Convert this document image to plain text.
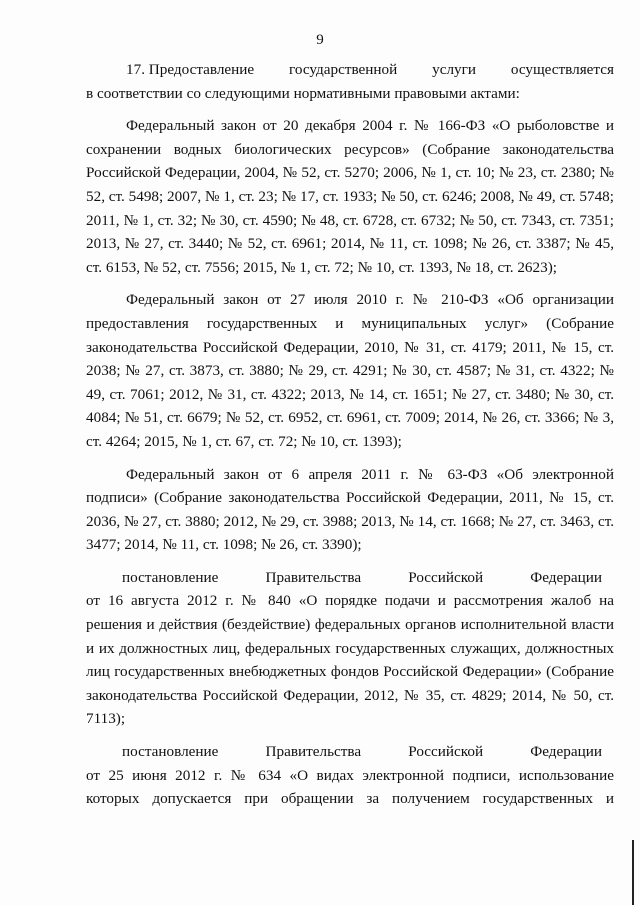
9
17. Предоставление государственной услуги осуществляется

в соответствии со следующими нормативными правовыми актами:

Федеральный закон от 20 декабря 2004 г. № 166-ФЗ «О рыболовстве и сохранении водных биологических ресурсов» (Собрание законодательства Российской Федерации, 2004, № 52, ст. 5270; 2006, № 1, ст. 10; № 23, ст. 2380; № 52, ст. 5498; 2007, № 1, ст. 23; № 17, ст. 1933; № 50, ст. 6246; 2008, № 49, ст. 5748; 2011, № 1, ст. 32; № 30, ст. 4590; № 48, ст. 6728, ст. 6732; № 50, ст. 7343, ст. 7351; 2013, № 27, ст. 3440; № 52, ст. 6961; 2014, № 11, ст. 1098; № 26, ст. 3387; № 45, ст. 6153, № 52, ст. 7556; 2015, № 1, ст. 72; № 10, ст. 1393, № 18, ст. 2623);

Федеральный закон от 27 июля 2010 г. № 210-ФЗ «Об организации предоставления государственных и муниципальных услуг» (Собрание законодательства Российской Федерации, 2010, № 31, ст. 4179; 2011, № 15, ст. 2038; № 27, ст. 3873, ст. 3880; № 29, ст. 4291; № 30, ст. 4587; № 31, ст. 4322; № 49, ст. 7061; 2012, № 31, ст. 4322; 2013, № 14, ст. 1651; № 27, ст. 3480; № 30, ст. 4084; № 51, ст. 6679; № 52, ст. 6952, ст. 6961, ст. 7009; 2014, № 26, ст. 3366; № 3, ст. 4264; 2015, № 1, ст. 67, ст. 72; № 10, ст. 1393);

Федеральный закон от 6 апреля 2011 г. № 63-ФЗ «Об электронной подписи» (Собрание законодательства Российской Федерации, 2011, № 15, ст. 2036, № 27, ст. 3880; 2012, № 29, ст. 3988; 2013, № 14, ст. 1668; № 27, ст. 3463, ст. 3477; 2014, № 11, ст. 1098; № 26, ст. 3390);

постановление	Правительства	Российской	Федерации

от 16 августа 2012 г. № 840 «О порядке подачи и рассмотрения жалоб на решения и действия (бездействие) федеральных органов исполнительной власти и их должностных лиц, федеральных государственных служащих, должностных лиц государственных внебюджетных фондов Российской Федерации» (Собрание законодательства Российской Федерации, 2012, № 35, ст. 4829; 2014, № 50, ст. 7113);

постановление	Правительства	Российской	Федерации

от 25 июня 2012 г. № 634 «О видах электронной подписи, использование

которых допускается при обращении за получением государственных и
